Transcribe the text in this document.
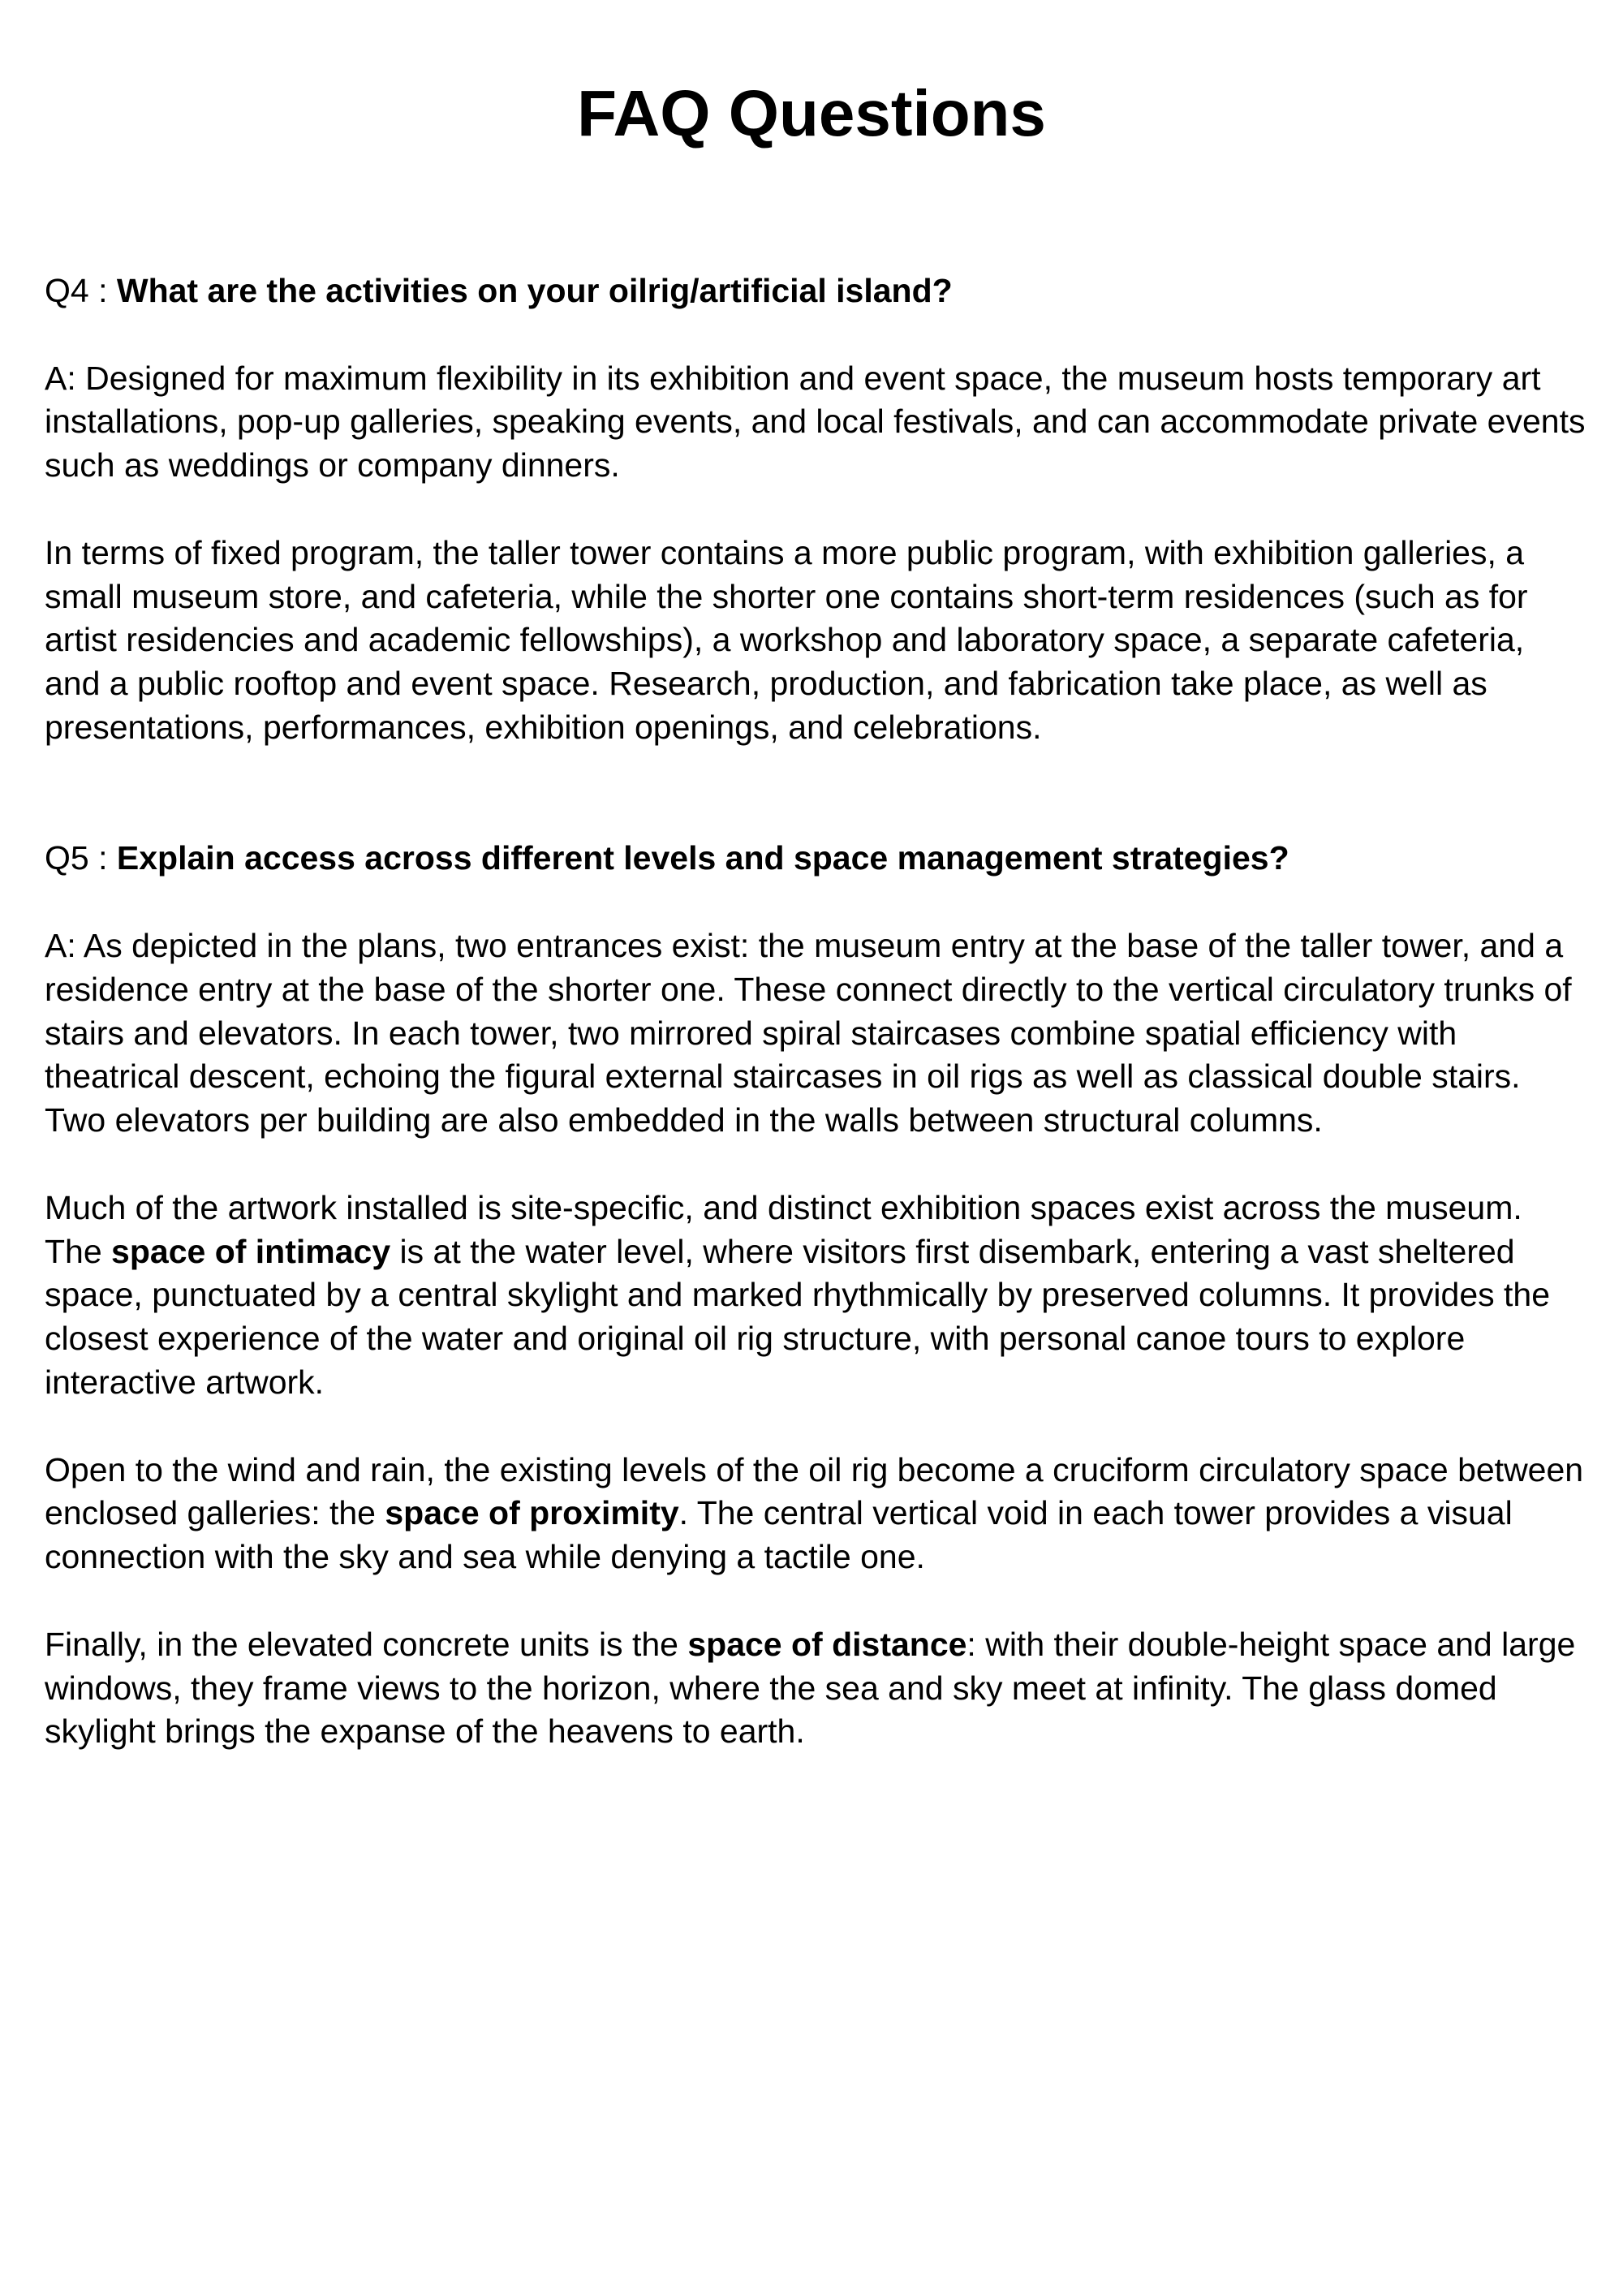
FAQ Questions

Q4 : What are the activities on your oilrig/artificial island?

A: Designed for maximum flexibility in its exhibition and event space, the museum hosts temporary art installations, pop-up galleries, speaking events, and local festivals, and can accommodate private events such as weddings or company dinners.

In terms of fixed program, the taller tower contains a more public program, with exhibition galleries, a small museum store, and cafeteria, while the shorter one contains short-term residences (such as for artist residencies and academic fellowships), a workshop and laboratory space, a separate cafeteria, and a public rooftop and event space. Research, production, and fabrication take place, as well as presentations, performances, exhibition openings, and celebrations.

Q5 : Explain access across different levels and space management strategies?

A: As depicted in the plans, two entrances exist: the museum entry at the base of the taller tower, and a residence entry at the base of the shorter one. These connect directly to the vertical circulatory trunks of stairs and elevators. In each tower, two mirrored spiral staircases combine spatial efficiency with theatrical descent, echoing the figural external staircases in oil rigs as well as classical double stairs. Two elevators per building are also embedded in the walls between structural columns.

Much of the artwork installed is site-specific, and distinct exhibition spaces exist across the museum. The space of intimacy is at the water level, where visitors first disembark, entering a vast sheltered space, punctuated by a central skylight and marked rhythmically by preserved columns. It provides the closest experience of the water and original oil rig structure, with personal canoe tours to explore interactive artwork.

Open to the wind and rain, the existing levels of the oil rig become a cruciform circulatory space between enclosed galleries: the space of proximity. The central vertical void in each tower provides a visual connection with the sky and sea while denying a tactile one.

Finally, in the elevated concrete units is the space of distance: with their double-height space and large windows, they frame views to the horizon, where the sea and sky meet at infinity. The glass domed skylight brings the expanse of the heavens to earth.
